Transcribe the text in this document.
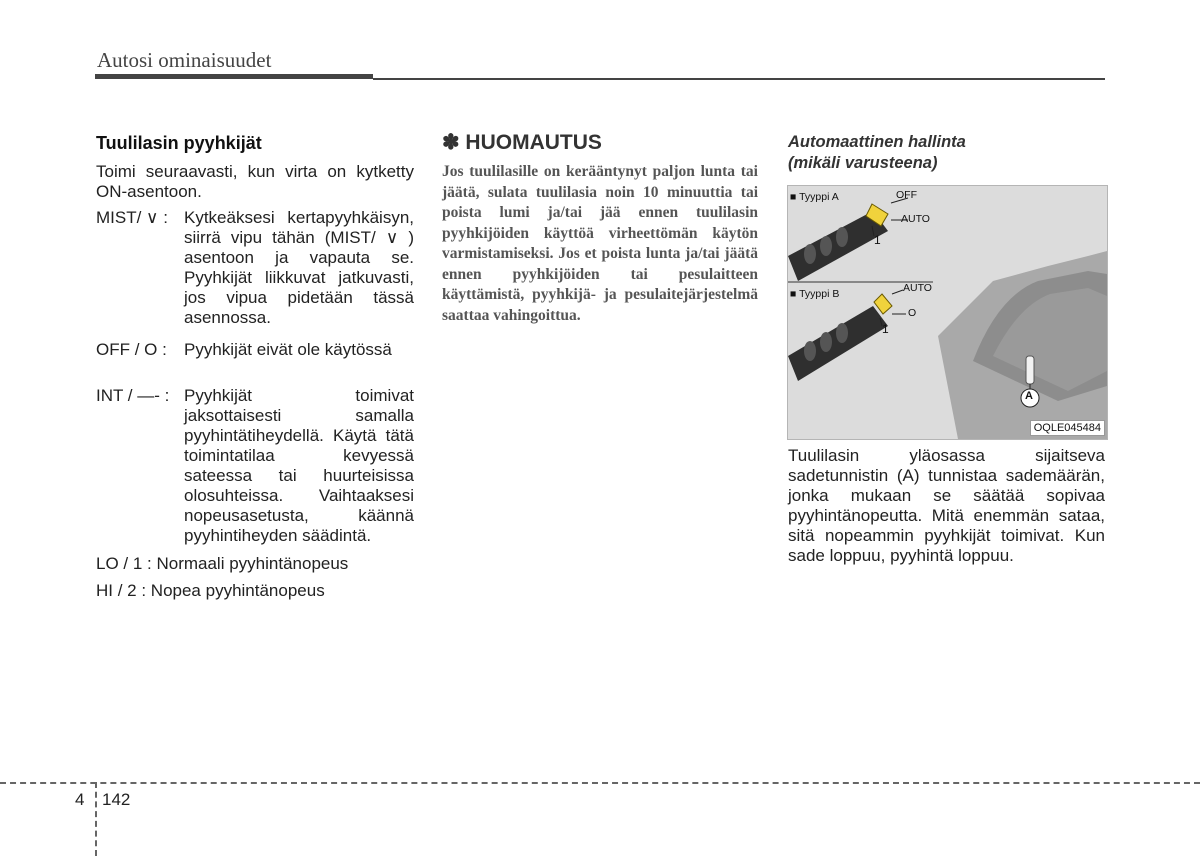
Autosi ominaisuudet
Tuulilasin pyyhkijät
Toimi seuraavasti, kun virta on kytketty ON-asentoon.
MIST/ ∨ : Kytkeäksesi kertapyyhkäisyn, siirrä vipu tähän (MIST/ ∨ ) asentoon ja vapauta se. Pyyhkijät liikkuvat jatkuvasti, jos vipua pidetään tässä asennossa.
OFF / O : Pyyhkijät eivät ole käytössä
INT / —- : Pyyhkijät toimivat jaksottaisesti samalla pyyhintätiheydellä. Käytä tätä toimintatilaa kevyessä sateessa tai huurteisissa olosuhteissa. Vaihtaaksesi nopeusasetusta, käännä pyyhintiheyden säädintä.
LO / 1 : Normaali pyyhintänopeus
HI / 2 : Nopea pyyhintänopeus
✽ HUOMAUTUS
Jos tuulilasille on kerääntynyt paljon lunta tai jäätä, sulata tuulilasia noin 10 minuuttia tai poista lumi ja/tai jää ennen tuulilasin pyyhkijöiden käyttöä virheettömän käytön varmistamiseksi. Jos et poista lunta ja/tai jäätä ennen pyyhkijöiden tai pesulaitteen käyttämistä, pyyhkijä- ja pesulaitejärjestelmä saattaa vahingoittua.
Automaattinen hallinta
(mikäli varusteena)
■ Tyyppi A	OFF
AUTO
1
■ Tyyppi B	AUTO
O
1
A
OQLE045484
Tuulilasin yläosassa sijaitseva sadetunnistin (A) tunnistaa sademäärän, jonka mukaan se säätää sopivaa pyyhintänopeutta. Mitä enemmän sataa, sitä nopeammin pyyhkijät toimivat. Kun sade loppuu, pyyhintä loppuu.
4 142
